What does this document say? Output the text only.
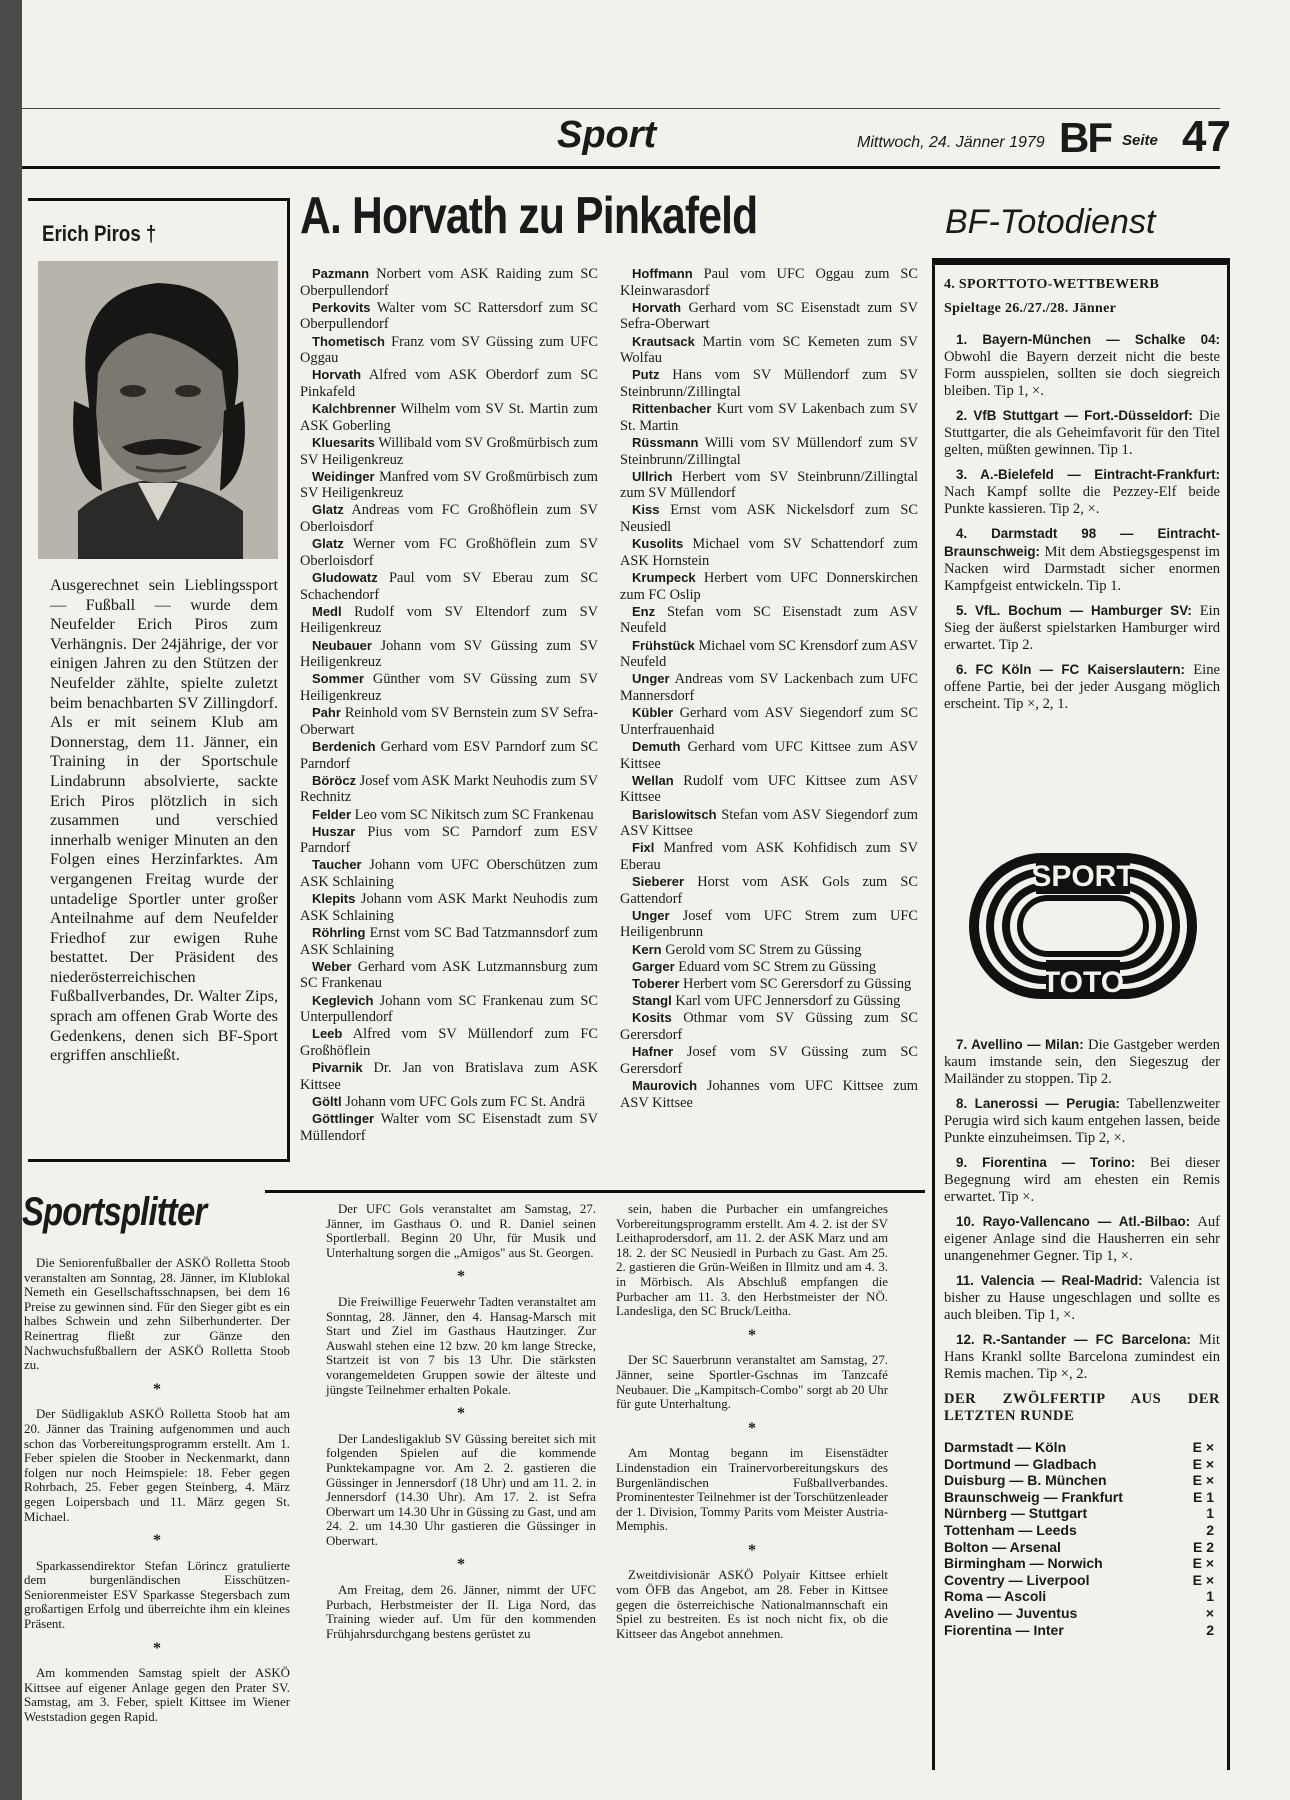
Sport	Mittwoch, 24. Jänner 1979 BF Seite 47
Erich Piros †
Ausgerechnet sein Lieblingssport — Fußball — wurde dem Neufelder Erich Piros zum Verhängnis. Der 24jährige, der vor einigen Jahren zu den Stützen der Neufelder zählte, spielte zuletzt beim benachbarten SV Zillingdorf. Als er mit seinem Klub am Donnerstag, dem 11. Jänner, ein Training in der Sportschule Lindabrunn absolvierte, sackte Erich Piros plötzlich in sich zusammen und verschied innerhalb weniger Minuten an den Folgen eines Herzinfarktes. Am vergangenen Freitag wurde der untadelige Sportler unter großer Anteilnahme auf dem Neufelder Friedhof zur ewigen Ruhe bestattet. Der Präsident des niederösterreichischen Fußballverbandes, Dr. Walter Zips, sprach am offenen Grab Worte des Gedenkens, denen sich BF-Sport ergriffen anschließt.
A. Horvath zu Pinkafeld

Pazmann Norbert vom ASK Raiding zum SC Oberpullendorf

Perkovits Walter vom SC Rattersdorf zum SC Oberpullendorf

Thometisch Franz vom SV Güssing zum UFC Oggau

Horvath Alfred vom ASK Oberdorf zum SC Pinkafeld

Kalchbrenner Wilhelm vom SV St. Martin zum ASK Goberling

Kluesarits Willibald vom SV Großmürbisch zum SV Heiligenkreuz

Weidinger Manfred vom SV Großmürbisch zum SV Heiligenkreuz

Glatz Andreas vom FC Großhöflein zum SV Oberloisdorf

Glatz Werner vom FC Großhöflein zum SV Oberloisdorf

Gludowatz Paul vom SV Eberau zum SC Schachendorf

Medl Rudolf vom SV Eltendorf zum SV Heiligenkreuz

Neubauer Johann vom SV Güssing zum SV Heiligenkreuz

Sommer Günther vom SV Güssing zum SV Heiligenkreuz

Pahr Reinhold vom SV Bernstein zum SV Sefra-Oberwart

Berdenich Gerhard vom ESV Parndorf zum SC Parndorf

Böröcz Josef vom ASK Markt Neuhodis zum SV Rechnitz

Felder Leo vom SC Nikitsch zum SC Frankenau

Huszar Pius vom SC Parndorf zum ESV Parndorf

Taucher Johann vom UFC Oberschützen zum ASK Schlaining

Klepits Johann vom ASK Markt Neuhodis zum ASK Schlaining

Röhrling Ernst vom SC Bad Tatzmannsdorf zum ASK Schlaining

Weber Gerhard vom ASK Lutzmannsburg zum SC Frankenau

Keglevich Johann vom SC Frankenau zum SC Unterpullendorf

Leeb Alfred vom SV Müllendorf zum FC Großhöflein

Pivarnik Dr. Jan von Bratislava zum ASK Kittsee

Göltl Johann vom UFC Gols zum FC St. Andrä

Göttlinger Walter vom SC Eisenstadt zum SV Müllendorf

Hoffmann Paul vom UFC Oggau zum SC Kleinwarasdorf

Horvath Gerhard vom SC Eisenstadt zum SV Sefra-Oberwart

Krautsack Martin vom SC Kemeten zum SV Wolfau

Putz Hans vom SV Müllendorf zum SV Steinbrunn/Zillingtal

Rittenbacher Kurt vom SV Lakenbach zum SV St. Martin

Rüssmann Willi vom SV Müllendorf zum SV Steinbrunn/Zillingtal

Ullrich Herbert vom SV Steinbrunn/Zillingtal zum SV Müllendorf

Kiss Ernst vom ASK Nickelsdorf zum SC Neusiedl

Kusolits Michael vom SV Schattendorf zum ASK Hornstein

Krumpeck Herbert vom UFC Donnerskirchen zum FC Oslip

Enz Stefan vom SC Eisenstadt zum ASV Neufeld

Frühstück Michael vom SC Krensdorf zum ASV Neufeld

Unger Andreas vom SV Lackenbach zum UFC Mannersdorf

Kübler Gerhard vom ASV Siegendorf zum SC Unterfrauenhaid

Demuth Gerhard vom UFC Kittsee zum ASV Kittsee

Wellan Rudolf vom UFC Kittsee zum ASV Kittsee

Barislowitsch Stefan vom ASV Siegendorf zum ASV Kittsee

Fixl Manfred vom ASK Kohfidisch zum SV Eberau

Sieberer Horst vom ASK Gols zum SC Gattendorf

Unger Josef vom UFC Strem zum UFC Heiligenbrunn

Kern Gerold vom SC Strem zu Güssing

Garger Eduard vom SC Strem zu Güssing

Toberer Herbert vom SC Gerersdorf zu Güssing

Stangl Karl vom UFC Jennersdorf zu Güssing

Kosits Othmar vom SV Güssing zum SC Gerersdorf

Hafner Josef vom SV Güssing zum SC Gerersdorf

Maurovich Johannes vom UFC Kittsee zum ASV Kittsee

BF-Totodienst

4. SPORTTOTO-WETTBEWERB

Spieltage 26./27./28. Jänner

1. Bayern-München — Schalke 04: Obwohl die Bayern derzeit nicht die beste Form ausspielen, sollten sie doch siegreich bleiben. Tip 1, ×.

2. VfB Stuttgart — Fort.-Düsseldorf: Die Stuttgarter, die als Geheimfavorit für den Titel gelten, müßten gewinnen. Tip 1.

3. A.-Bielefeld — Eintracht-Frankfurt: Nach Kampf sollte die Pezzey-Elf beide Punkte kassieren. Tip 2, ×.

4. Darmstadt 98 — Eintracht-Braunschweig: Mit dem Abstiegsgespenst im Nacken wird Darmstadt sicher enormen Kampfgeist entwickeln. Tip 1.

5. VfL. Bochum — Hamburger SV: Ein Sieg der äußerst spielstarken Hamburger wird erwartet. Tip 2.

6. FC Köln — FC Kaiserslautern: Eine offene Partie, bei der jeder Ausgang möglich erscheint. Tip ×, 2, 1.

SPORT
TOTO

7. Avellino — Milan: Die Gastgeber werden kaum imstande sein, den Siegeszug der Mailänder zu stoppen. Tip 2.

8. Lanerossi — Perugia: Tabellenzweiter Perugia wird sich kaum entgehen lassen, beide Punkte einzuheimsen. Tip 2, ×.

9. Fiorentina — Torino: Bei dieser Begegnung wird am ehesten ein Remis erwartet. Tip ×.

10. Rayo-Vallencano — Atl.-Bilbao: Auf eigener Anlage sind die Hausherren ein sehr unangenehmer Gegner. Tip 1, ×.

11. Valencia — Real-Madrid: Valencia ist bisher zu Hause ungeschlagen und sollte es auch bleiben. Tip 1, ×.

12. R.-Santander — FC Barcelona: Mit Hans Krankl sollte Barcelona zumindest ein Remis machen. Tip ×, 2.

DER ZWÖLFERTIP AUS DER LETZTEN RUNDE
Darmstadt — Köln	E ×
Dortmund — Gladbach	E ×
Duisburg — B. München	E ×
Braunschweig — Frankfurt	E 1
Nürnberg — Stuttgart	1
Tottenham — Leeds	2
Bolton — Arsenal	E 2
Birmingham — Norwich	E ×
Coventry — Liverpool	E ×
Roma — Ascoli	1
Avelino — Juventus	×
Fiorentina — Inter	2
Sportsplitter

Die Seniorenfußballer der ASKÖ Rolletta Stoob veranstalten am Sonntag, 28. Jänner, im Klublokal Nemeth ein Gesellschaftsschnapsen, bei dem 16 Preise zu gewinnen sind. Für den Sieger gibt es ein halbes Schwein und zehn Silberhunderter. Der Reinertrag fließt zur Gänze den Nachwuchsfußballern der ASKÖ Rolletta Stoob zu.

*

Der Südligaklub ASKÖ Rolletta Stoob hat am 20. Jänner das Training aufgenommen und auch schon das Vorbereitungsprogramm erstellt. Am 1. Feber spielen die Stoober in Neckenmarkt, dann folgen nur noch Heimspiele: 18. Feber gegen Rohrbach, 25. Feber gegen Steinberg, 4. März gegen Loipersbach und 11. März gegen St. Michael.

*

Sparkassendirektor Stefan Lörincz gratulierte dem burgenländischen Eisschützen-Seniorenmeister ESV Sparkasse Stegersbach zum großartigen Erfolg und überreichte ihm ein kleines Präsent.

*

Am kommenden Samstag spielt der ASKÖ Kittsee auf eigener Anlage gegen den Prater SV. Samstag, am 3. Feber, spielt Kittsee im Wiener Weststadion gegen Rapid.

Der UFC Gols veranstaltet am Samstag, 27. Jänner, im Gasthaus O. und R. Daniel seinen Sportlerball. Beginn 20 Uhr, für Musik und Unterhaltung sorgen die „Amigos" aus St. Georgen.

*

Die Freiwillige Feuerwehr Tadten veranstaltet am Sonntag, 28. Jänner, den 4. Hansag-Marsch mit Start und Ziel im Gasthaus Hautzinger. Zur Auswahl stehen eine 12 bzw. 20 km lange Strecke, Startzeit ist von 7 bis 13 Uhr. Die stärksten vorangemeldeten Gruppen sowie der älteste und jüngste Teilnehmer erhalten Pokale.

*

Der Landesligaklub SV Güssing bereitet sich mit folgenden Spielen auf die kommende Punktekampagne vor. Am 2. 2. gastieren die Güssinger in Jennersdorf (18 Uhr) und am 11. 2. in Jennersdorf (14.30 Uhr). Am 17. 2. ist Sefra Oberwart um 14.30 Uhr in Güssing zu Gast, und am 24. 2. um 14.30 Uhr gastieren die Güssinger in Oberwart.

*

Am Freitag, dem 26. Jänner, nimmt der UFC Purbach, Herbstmeister der II. Liga Nord, das Training wieder auf. Um für den kommenden Frühjahrsdurchgang bestens gerüstet zu

sein, haben die Purbacher ein umfangreiches Vorbereitungsprogramm erstellt. Am 4. 2. ist der SV Leithaprodersdorf, am 11. 2. der ASK Marz und am 18. 2. der SC Neusiedl in Purbach zu Gast. Am 25. 2. gastieren die Grün-Weißen in Illmitz und am 4. 3. in Mörbisch. Als Abschluß empfangen die Purbacher am 11. 3. den Herbstmeister der NÖ. Landesliga, den SC Bruck/Leitha.

*

Der SC Sauerbrunn veranstaltet am Samstag, 27. Jänner, seine Sportler-Gschnas im Tanzcafé Neubauer. Die „Kampitsch-Combo" sorgt ab 20 Uhr für gute Unterhaltung.

*

Am Montag begann im Eisenstädter Lindenstadion ein Trainervorbereitungskurs des Burgenländischen Fußballverbandes. Prominentester Teilnehmer ist der Torschützenleader der 1. Division, Tommy Parits vom Meister Austria-Memphis.

*

Zweitdivisionär ASKÖ Polyair Kittsee erhielt vom ÖFB das Angebot, am 28. Feber in Kittsee gegen die österreichische Nationalmannschaft ein Spiel zu bestreiten. Es ist noch nicht fix, ob die Kittseer das Angebot annehmen.
